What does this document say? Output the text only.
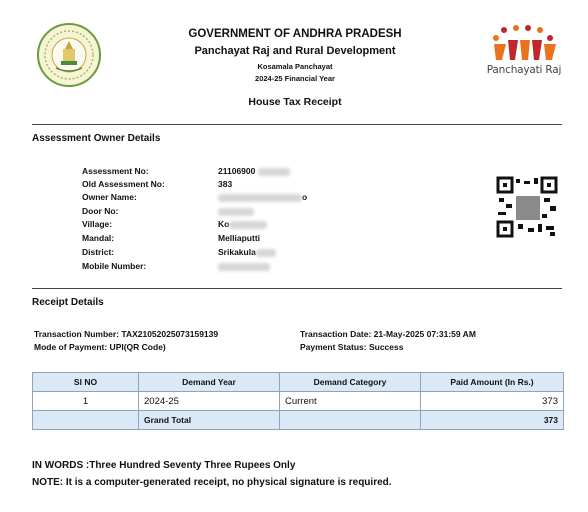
GOVERNMENT OF ANDHRA PRADESH
Panchayat Raj and Rural Development
Kosamala Panchayat
2024-25 Financial Year
House Tax Receipt
Panchayati Raj
Assessment Owner Details
Assessment No:	21106900
Old Assessment No:	383
Owner Name:	o
Door No:
Village:	Ko
Mandal:	Melliaputti
District:	Srikakula
Mobile Number:
Receipt Details
Transaction Number: TAX21052025073159139
Mode of Payment: UPI(QR Code)
Transaction Date: 21-May-2025 07:31:59 AM
Payment Status: Success
SI NO	Demand Year	Demand Category	Paid Amount (In Rs.)
1	2024-25	Current	373
	Grand Total		373
IN WORDS :Three Hundred Seventy Three Rupees Only
NOTE: It is a computer-generated receipt, no physical signature is required.
